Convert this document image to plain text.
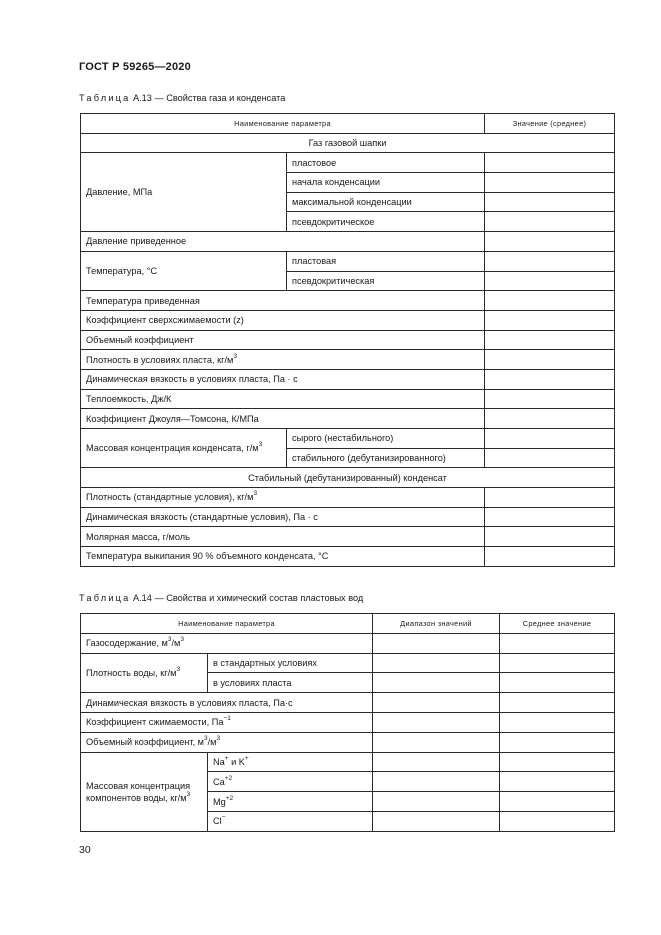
ГОСТ Р 59265—2020
Таблица А.13 — Свойства газа и конденсата
Наименование параметра		Значение (среднее)
Газ газовой шапки		
Давление, МПа	пластовое	
	начала конденсации	
	максимальной конденсации	
	псевдокритическое	
Давление приведенное		
Температура, °С	пластовая	
	псевдокритическая	
Температура приведенная		
Коэффициент сверхсжимаемости (z)		
Объемный коэффициент		
Плотность в условиях пласта, $кг/м^3$	
Динамическая вязкость в условиях пласта, Па · с		
Теплоемкость, Дж/К		
Коэффициент Джоуля—Томсона, К/МПа		
Массовая концентрация конденсата, $г/м^3$	сырого (нестабильного)	
	стабильного (дебутанизированного)	
Стабильный (дебутанизированный) конденсат		
Плотность (стандартные условия), $кг/м^3$	
Динамическая вязкость (стандартные условия), Па · с		
Молярная масса, г/моль		
Температура выкипания 90 % объемного конденсата, °С		
Таблица А.14 — Свойства и химический состав пластовых вод
Наименование параметра		Диапазон значений	Среднее значение
Газосодержание, $м^3/м^3$		
Плотность воды, $кг/м^3$	в стандартных условиях		
	в условиях пласта		
Динамическая вязкость в условиях пласта, Па·с			
Коэффициент сжимаемости, $Па^{-1}$		
Объемный коэффициент, $м^3/м^3$		
Массовая концентрация компонентов воды, $кг/м^3$	Na+ и K+		
	$Ca^{+2}$		
	$Mg^{+2}$		
	Cl−		
30
